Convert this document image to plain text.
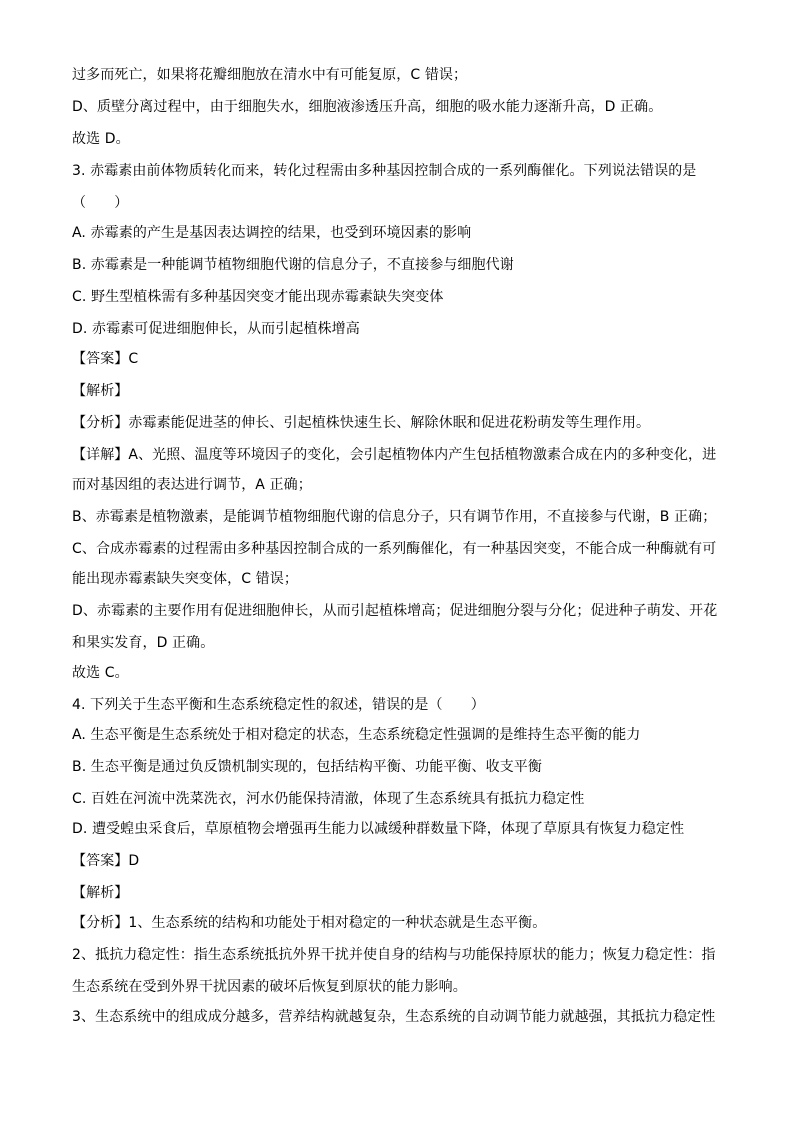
过多而死亡，如果将花瓣细胞放在清水中有可能复原，C 错误；
D、质壁分离过程中，由于细胞失水，细胞液渗透压升高，细胞的吸水能力逐渐升高，D 正确。
故选 D。
3. 赤霉素由前体物质转化而来，转化过程需由多种基因控制合成的一系列酶催化。下列说法错误的是
（　　）
A. 赤霉素的产生是基因表达调控的结果，也受到环境因素的影响
B. 赤霉素是一种能调节植物细胞代谢的信息分子，不直接参与细胞代谢
C. 野生型植株需有多种基因突变才能出现赤霉素缺失突变体
D. 赤霉素可促进细胞伸长，从而引起植株增高
【答案】C
【解析】
【分析】赤霉素能促进茎的伸长、引起植株快速生长、解除休眠和促进花粉萌发等生理作用。
【详解】A、光照、温度等环境因子的变化，会引起植物体内产生包括植物激素合成在内的多种变化，进
而对基因组的表达进行调节，A 正确；
B、赤霉素是植物激素，是能调节植物细胞代谢的信息分子，只有调节作用，不直接参与代谢，B 正确；
C、合成赤霉素的过程需由多种基因控制合成的一系列酶催化，有一种基因突变，不能合成一种酶就有可
能出现赤霉素缺失突变体，C 错误；
D、赤霉素的主要作用有促进细胞伸长，从而引起植株增高；促进细胞分裂与分化；促进种子萌发、开花
和果实发育，D 正确。
故选 C。
4. 下列关于生态平衡和生态系统稳定性的叙述，错误的是（　　）
A. 生态平衡是生态系统处于相对稳定的状态，生态系统稳定性强调的是维持生态平衡的能力
B. 生态平衡是通过负反馈机制实现的，包括结构平衡、功能平衡、收支平衡
C. 百姓在河流中洗菜洗衣，河水仍能保持清澈，体现了生态系统具有抵抗力稳定性
D. 遭受蝗虫采食后，草原植物会增强再生能力以减缓种群数量下降，体现了草原具有恢复力稳定性
【答案】D
【解析】
【分析】1、生态系统的结构和功能处于相对稳定的一种状态就是生态平衡。
2、抵抗力稳定性：指生态系统抵抗外界干扰并使自身的结构与功能保持原状的能力；恢复力稳定性：指
生态系统在受到外界干扰因素的破坏后恢复到原状的能力影响。
3、生态系统中的组成成分越多，营养结构就越复杂，生态系统的自动调节能力就越强，其抵抗力稳定性
